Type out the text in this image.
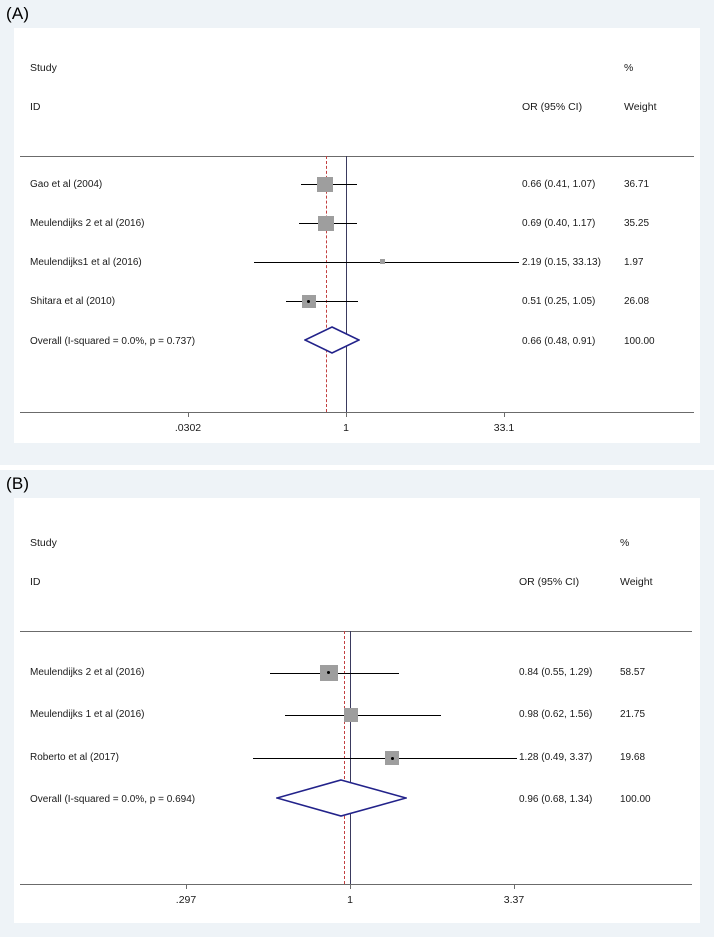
(A)
Study
ID	OR (95% CI)
%
Weight
Gao et al (2004)	0.66 (0.41, 1.07)	36.71
Meulendijks 2 et al (2016)	0.69 (0.40, 1.17)	35.25
Meulendijks1 et al (2016)	2.19 (0.15, 33.13) 1.97
Shitara et al (2010)	0.51 (0.25, 1.05)	26.08
Overall (I-squared = 0.0%, p = 0.737)	0.66 (0.48, 0.91)	100.00
.0302	1	33.1
(B)
Study
ID	OR (95% CI)
%
Weight
Meulendijks 2 et al (2016)	0.84 (0.55, 1.29)	58.57
Meulendijks 1 et al (2016)	0.98 (0.62, 1.56)	21.75
Roberto et al (2017)	1.28 (0.49, 3.37)	19.68
Overall (I-squared = 0.0%, p = 0.694)	0.96 (0.68, 1.34)	100.00
.297	1	3.37
